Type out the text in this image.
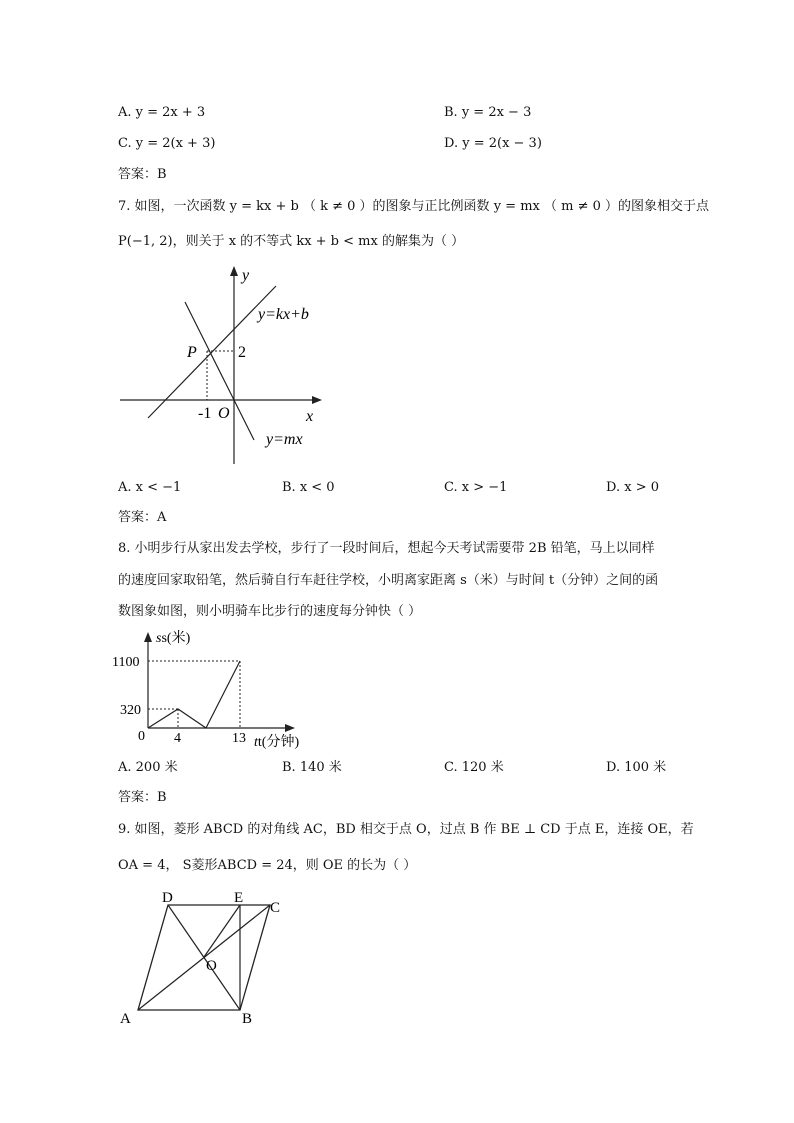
A. y = 2x + 3	B. y = 2x − 3
C. y = 2(x + 3)	D. y = 2(x − 3)
答案：B
7. 如图，一次函数 y = kx + b （ k ≠ 0 ）的图象与正比例函数 y = mx （ m ≠ 0 ）的图象相交于点
P(−1, 2)，则关于 x 的不等式 kx + b < mx 的解集为（ ）
y
x
y=kx+b
y=mx
P	2
-1 O
A. x < −1	B. x < 0	C. x > −1	D. x > 0
答案：A
8. 小明步行从家出发去学校，步行了一段时间后，想起今天考试需要带 2B 铅笔，马上以同样
的速度回家取铅笔，然后骑自行车赶往学校，小明离家距离 s（米）与时间 t（分钟）之间的函
数图象如图，则小明骑车比步行的速度每分钟快（ ）
ss(米)
tt(分钟)
1100
320
0 4	13
A. 200 米	B. 140 米	C. 120 米	D. 100 米
答案：B
9. 如图，菱形 ABCD 的对角线 AC，BD 相交于点 O，过点 B 作 BE ⊥ CD 于点 E，连接 OE，若
OA = 4， S菱形ABCD = 24，则 OE 的长为（ ）
A	B
C
D	E
O
